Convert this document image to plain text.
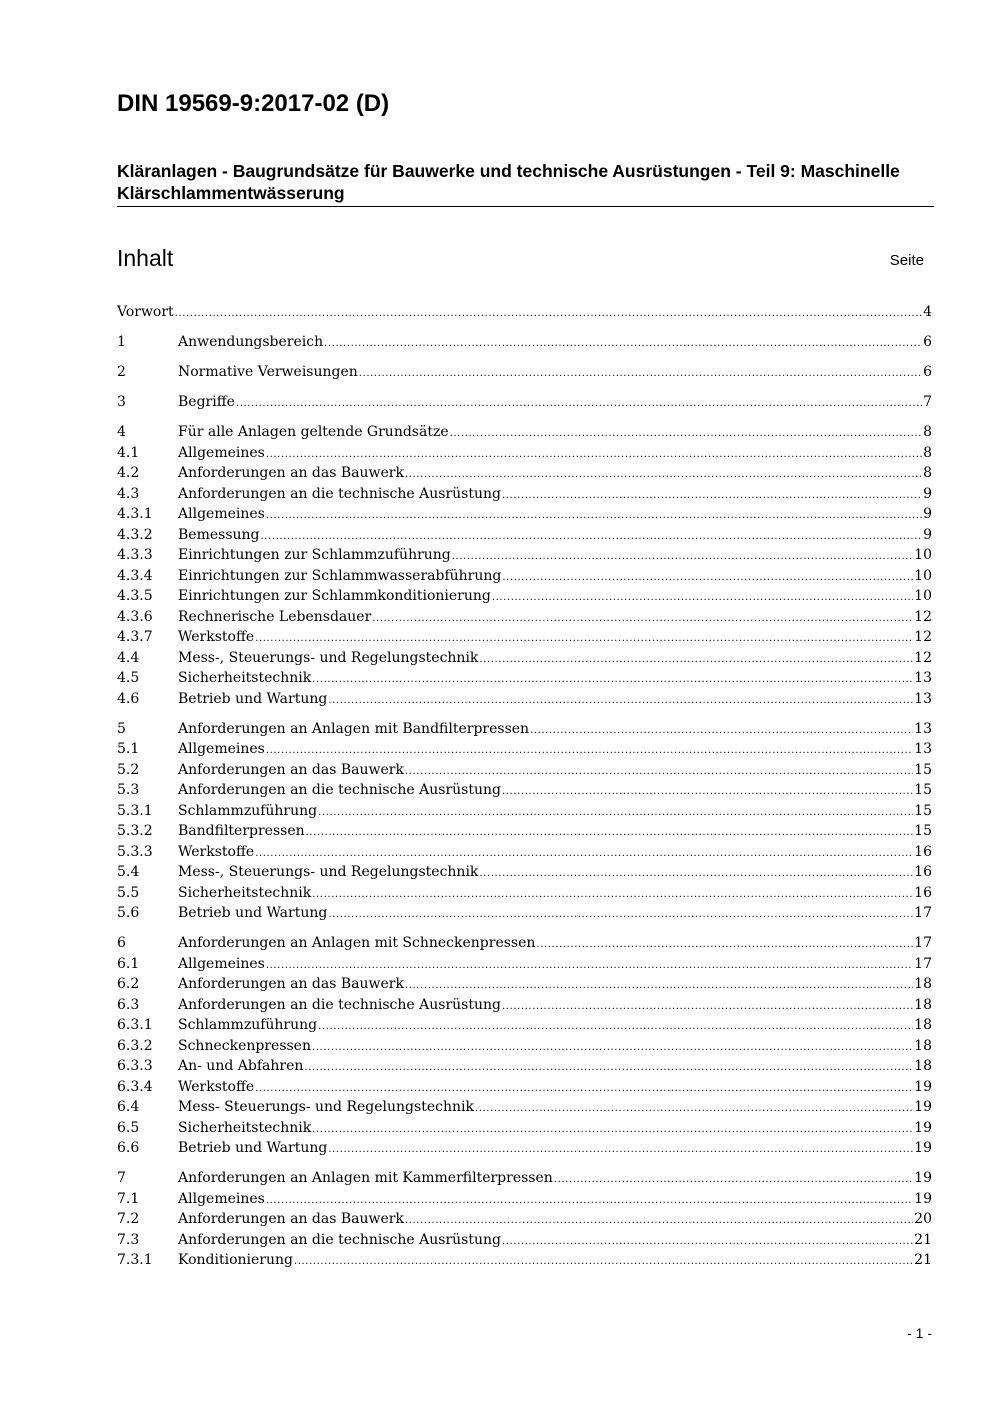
DIN 19569-9:2017-02 (D)
Kläranlagen - Baugrundsätze für Bauwerke und technische Ausrüstungen - Teil 9: Maschinelle Klärschlammentwässerung
Inhalt	Seite
Vorwort .....	4
1	Anwendungsbereich .....	6
2	Normative Verweisungen .....	6
3	Begriffe .....	7
4	Für alle Anlagen geltende Grundsätze .....	8
4.1	Allgemeines .....	8
4.2	Anforderungen an das Bauwerk .....	8
4.3	Anforderungen an die technische Ausrüstung .....	9
4.3.1	Allgemeines .....	9
4.3.2	Bemessung .....	9
4.3.3	Einrichtungen zur Schlammzuführung .....	10
4.3.4	Einrichtungen zur Schlammwasserabführung .....	10
4.3.5	Einrichtungen zur Schlammkonditionierung .....	10
4.3.6	Rechnerische Lebensdauer .....	12
4.3.7	Werkstoffe .....	12
4.4	Mess-, Steuerungs- und Regelungstechnik .....	12
4.5	Sicherheitstechnik .....	13
4.6	Betrieb und Wartung .....	13
5	Anforderungen an Anlagen mit Bandfilterpressen .....	13
5.1	Allgemeines .....	13
5.2	Anforderungen an das Bauwerk .....	15
5.3	Anforderungen an die technische Ausrüstung .....	15
5.3.1	Schlammzuführung .....	15
5.3.2	Bandfilterpressen .....	15
5.3.3	Werkstoffe .....	16
5.4	Mess-, Steuerungs- und Regelungstechnik .....	16
5.5	Sicherheitstechnik .....	16
5.6	Betrieb und Wartung .....	17
6	Anforderungen an Anlagen mit Schneckenpressen .....	17
6.1	Allgemeines .....	17
6.2	Anforderungen an das Bauwerk .....	18
6.3	Anforderungen an die technische Ausrüstung .....	18
6.3.1	Schlammzuführung .....	18
6.3.2	Schneckenpressen .....	18
6.3.3	An- und Abfahren .....	18
6.3.4	Werkstoffe .....	19
6.4	Mess- Steuerungs- und Regelungstechnik .....	19
6.5	Sicherheitstechnik .....	19
6.6	Betrieb und Wartung .....	19
7	Anforderungen an Anlagen mit Kammerfilterpressen .....	19
7.1	Allgemeines .....	19
7.2	Anforderungen an das Bauwerk .....	20
7.3	Anforderungen an die technische Ausrüstung .....	21
7.3.1	Konditionierung .....	21
- 1 -
